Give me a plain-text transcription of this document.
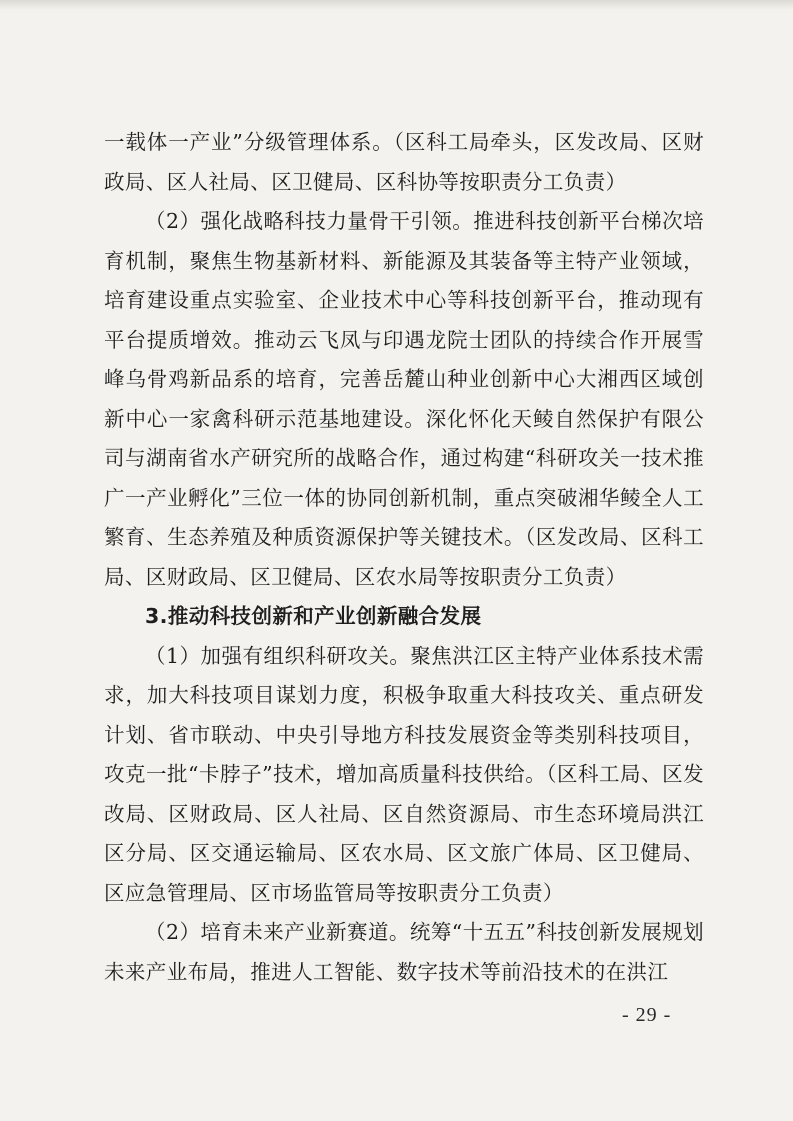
一载体一产业”分级管理体系。（区科工局牵头，区发改局、区财政局、区人社局、区卫健局、区科协等按职责分工负责）

（2）强化战略科技力量骨干引领。推进科技创新平台梯次培育机制，聚焦生物基新材料、新能源及其装备等主特产业领域，培育建设重点实验室、企业技术中心等科技创新平台，推动现有平台提质增效。推动云飞凤与印遇龙院士团队的持续合作开展雪峰乌骨鸡新品系的培育，完善岳麓山种业创新中心大湘西区域创新中心一家禽科研示范基地建设。深化怀化天鲮自然保护有限公司与湖南省水产研究所的战略合作，通过构建“科研攻关一技术推广一产业孵化”三位一体的协同创新机制，重点突破湘华鲮全人工繁育、生态养殖及种质资源保护等关键技术。（区发改局、区科工局、区财政局、区卫健局、区农水局等按职责分工负责）

3.推动科技创新和产业创新融合发展

（1）加强有组织科研攻关。聚焦洪江区主特产业体系技术需求，加大科技项目谋划力度，积极争取重大科技攻关、重点研发计划、省市联动、中央引导地方科技发展资金等类别科技项目，攻克一批“卡脖子”技术，增加高质量科技供给。（区科工局、区发改局、区财政局、区人社局、区自然资源局、市生态环境局洪江区分局、区交通运输局、区农水局、区文旅广体局、区卫健局、区应急管理局、区市场监管局等按职责分工负责）

（2）培育未来产业新赛道。统筹“十五五”科技创新发展规划未来产业布局，推进人工智能、数字技术等前沿技术的在洪江

- 29 -
